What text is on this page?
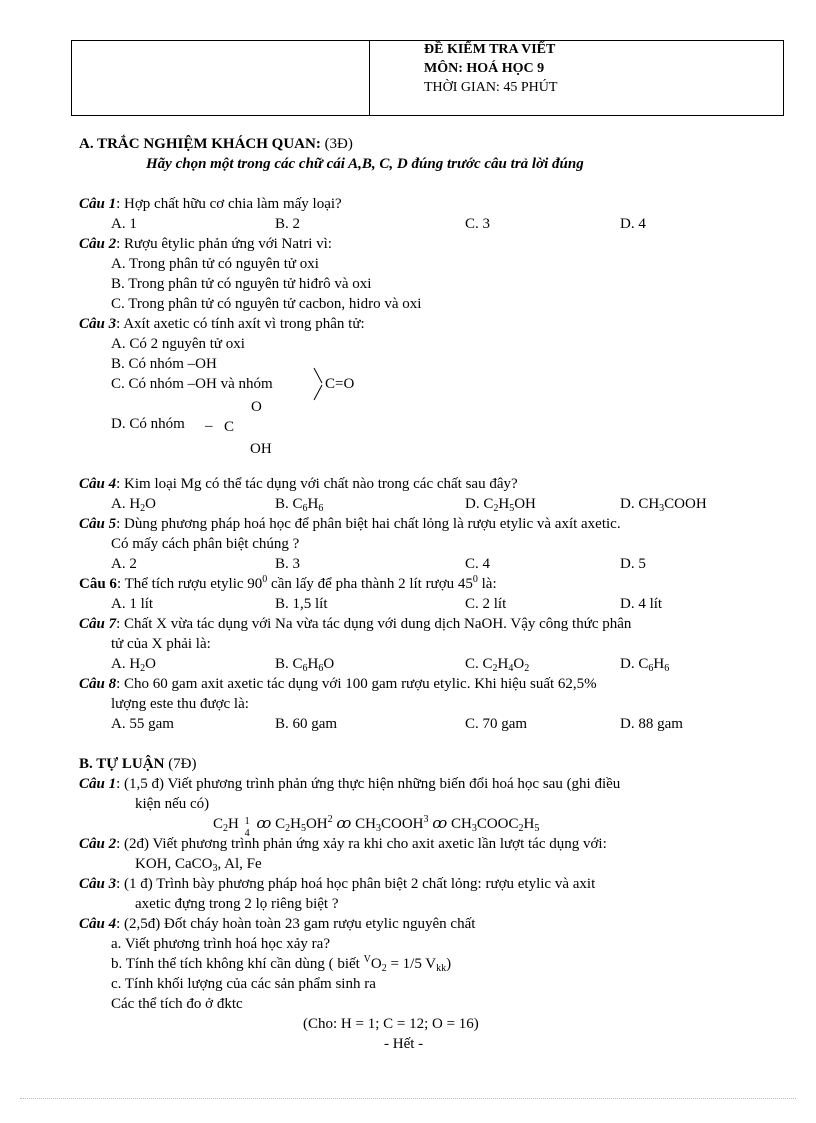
ĐỀ KIỂM TRA VIẾT
MÔN: HOÁ HỌC 9
THỜI GIAN: 45 PHÚT
A. TRẮC NGHIỆM KHÁCH QUAN: (3Đ)
Hãy chọn một trong các chữ cái A,B, C, D đúng trước câu trả lời đúng
Câu 1: Hợp chất hữu cơ chia làm mấy loại?
A. 1	B. 2	C. 3	D. 4
Câu 2: Rượu êtylic phản ứng với Natri vì:
A. Trong phân tử có nguyên tử oxi
B. Trong phân tử có nguyên tử hiđrô và oxi
C. Trong phân tử có nguyên tử cacbon, hidro và oxi
Câu 3: Axít axetic có tính axít vì trong phân tử:
A. Có 2 nguyên tử oxi
B. Có nhóm –OH
C. Có nhóm –OH và nhóm	C=O
O
D. Có nhóm – C
OH
Câu 4: Kim loại Mg có thể tác dụng với chất nào trong các chất sau đây?
A. $H_2O$	B. $C_6H_6$	D. $C_2H_5OH$	D. $CH_3COOH$
Câu 5: Dùng phương pháp hoá học để phân biệt hai chất lỏng là rượu etylic và axít axetic.
Có mấy cách phân biệt chúng ?
A. 2	B. 3	C. 4	D. 5
Câu 6: Thể tích rượu etylic $90^0$ cần lấy để pha thành 2 lít rượu $45^0$ là:
A. 1 lít	B. 1,5 lít	C. 2 lít	D. 4 lít
Câu 7: Chất X vừa tác dụng với Na vừa tác dụng với dung dịch NaOH. Vậy công thức phân
tử của X phải là:
A. $H_2O$	B. $C_6H_6O$	C. $C_2H_4O_2$	D. $C_6H_6$
Câu 8: Cho 60 gam axit axetic tác dụng với 100 gam rượu etylic. Khi hiệu suất 62,5%
lượng este thu được là:
A. 55 gam	B. 60 gam	C. 70 gam	D. 88 gam
B. TỰ LUẬN (7Đ)
Câu 1: (1,5 đ) Viết phương trình phản ứng thực hiện những biến đổi hoá học sau (ghi điều
kiện nếu có)
$C_2H$ 1
4
ꝏ $C_2H_5OH^2$ ꝏ $CH_3COOH^3$ ꝏ $CH_3COOC_2H_5$
Câu 2: (2đ) Viết phương trình phản ứng xảy ra khi cho axit axetic lần lượt tác dụng với:
KOH, CaCO$_3$, Al, Fe
Câu 3: (1 đ) Trình bày phương pháp hoá học phân biệt 2 chất lỏng: rượu etylic và axit
axetic đựng trong 2 lọ riêng biệt ?
Câu 4: (2,5đ) Đốt cháy hoàn toàn 23 gam rượu etylic nguyên chất
a. Viết phương trình hoá học xảy ra?
b. Tính thể tích không khí cần dùng ( biết $^VO_2 = 1/5$ $V_{kk}$)
c. Tính khối lượng của các sản phẩm sinh ra
Các thể tích đo ở đktc
(Cho: H = 1; C = 12; O = 16)
- Hết -
